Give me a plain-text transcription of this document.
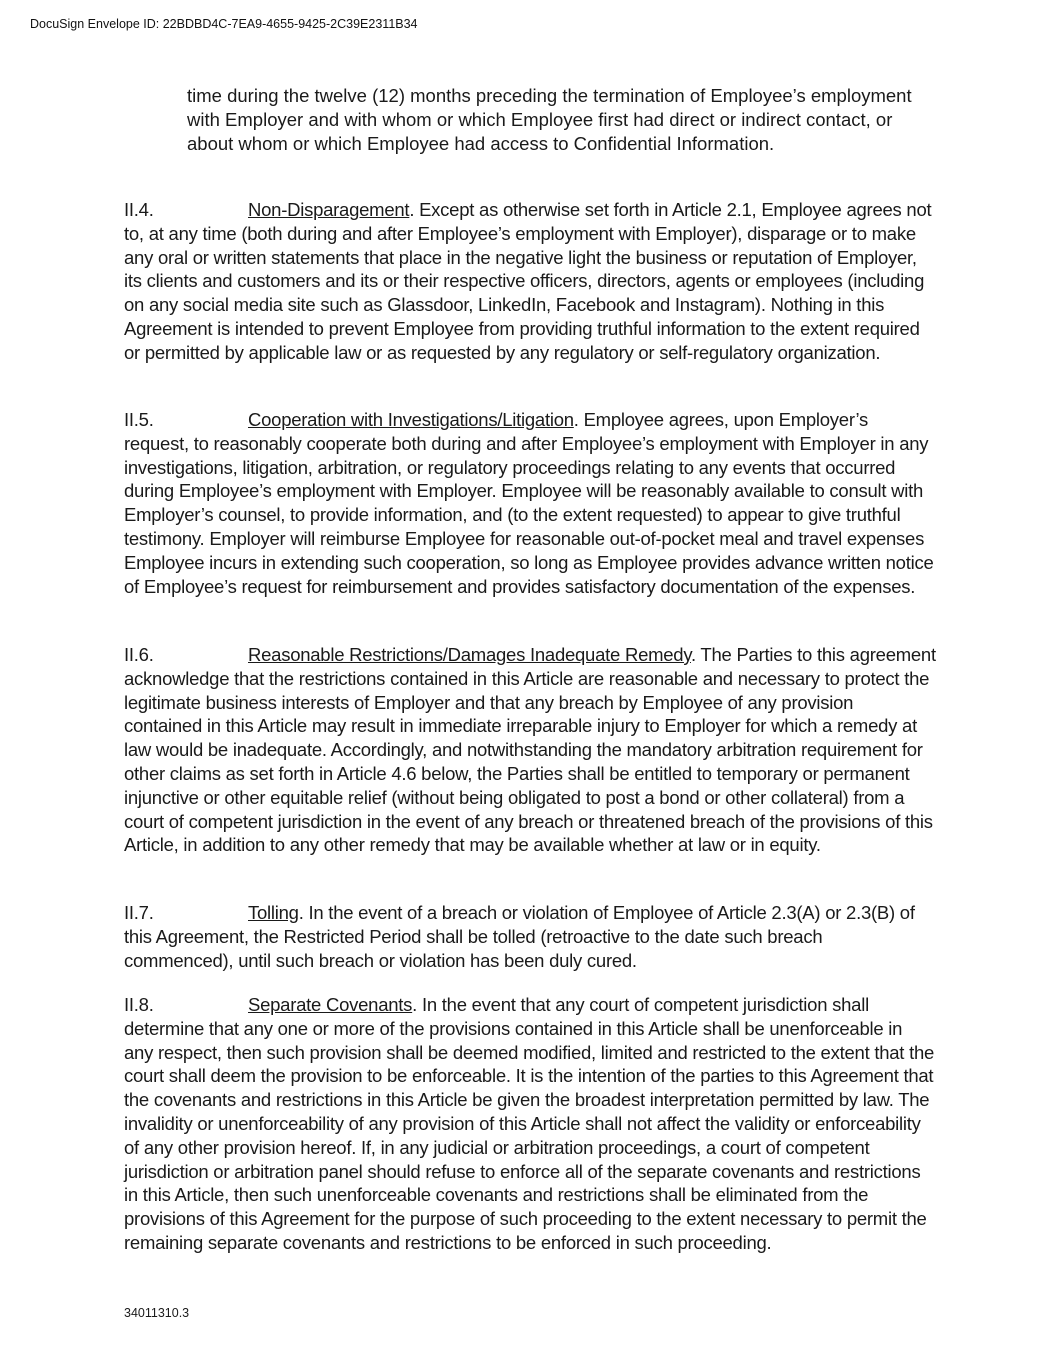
DocuSign Envelope ID: 22BDBD4C-7EA9-4655-9425-2C39E2311B34
time during the twelve (12) months preceding the termination of Employee’s employment with Employer and with whom or which Employee first had direct or indirect contact, or about whom or which Employee had access to Confidential Information.
II.4.	Non-Disparagement. Except as otherwise set forth in Article 2.1, Employee agrees not to, at any time (both during and after Employee’s employment with Employer), disparage or to make any oral or written statements that place in the negative light the business or reputation of Employer, its clients and customers and its or their respective officers, directors, agents or employees (including on any social media site such as Glassdoor, LinkedIn, Facebook and Instagram). Nothing in this Agreement is intended to prevent Employee from providing truthful information to the extent required or permitted by applicable law or as requested by any regulatory or self-regulatory organization.
II.5.	Cooperation with Investigations/Litigation. Employee agrees, upon Employer’s request, to reasonably cooperate both during and after Employee’s employment with Employer in any investigations, litigation, arbitration, or regulatory proceedings relating to any events that occurred during Employee’s employment with Employer. Employee will be reasonably available to consult with Employer’s counsel, to provide information, and (to the extent requested) to appear to give truthful testimony. Employer will reimburse Employee for reasonable out-of-pocket meal and travel expenses Employee incurs in extending such cooperation, so long as Employee provides advance written notice of Employee’s request for reimbursement and provides satisfactory documentation of the expenses.
II.6.	Reasonable Restrictions/Damages Inadequate Remedy. The Parties to this agreement acknowledge that the restrictions contained in this Article are reasonable and necessary to protect the legitimate business interests of Employer and that any breach by Employee of any provision contained in this Article may result in immediate irreparable injury to Employer for which a remedy at law would be inadequate. Accordingly, and notwithstanding the mandatory arbitration requirement for other claims as set forth in Article 4.6 below, the Parties shall be entitled to temporary or permanent injunctive or other equitable relief (without being obligated to post a bond or other collateral) from a court of competent jurisdiction in the event of any breach or threatened breach of the provisions of this Article, in addition to any other remedy that may be available whether at law or in equity.
II.7.	Tolling. In the event of a breach or violation of Employee of Article 2.3(A) or 2.3(B) of this Agreement, the Restricted Period shall be tolled (retroactive to the date such breach commenced), until such breach or violation has been duly cured.
II.8.	Separate Covenants. In the event that any court of competent jurisdiction shall determine that any one or more of the provisions contained in this Article shall be unenforceable in any respect, then such provision shall be deemed modified, limited and restricted to the extent that the court shall deem the provision to be enforceable. It is the intention of the parties to this Agreement that the covenants and restrictions in this Article be given the broadest interpretation permitted by law. The invalidity or unenforceability of any provision of this Article shall not affect the validity or enforceability of any other provision hereof. If, in any judicial or arbitration proceedings, a court of competent jurisdiction or arbitration panel should refuse to enforce all of the separate covenants and restrictions in this Article, then such unenforceable covenants and restrictions shall be eliminated from the provisions of this Agreement for the purpose of such proceeding to the extent necessary to permit the remaining separate covenants and restrictions to be enforced in such proceeding.
34011310.3
